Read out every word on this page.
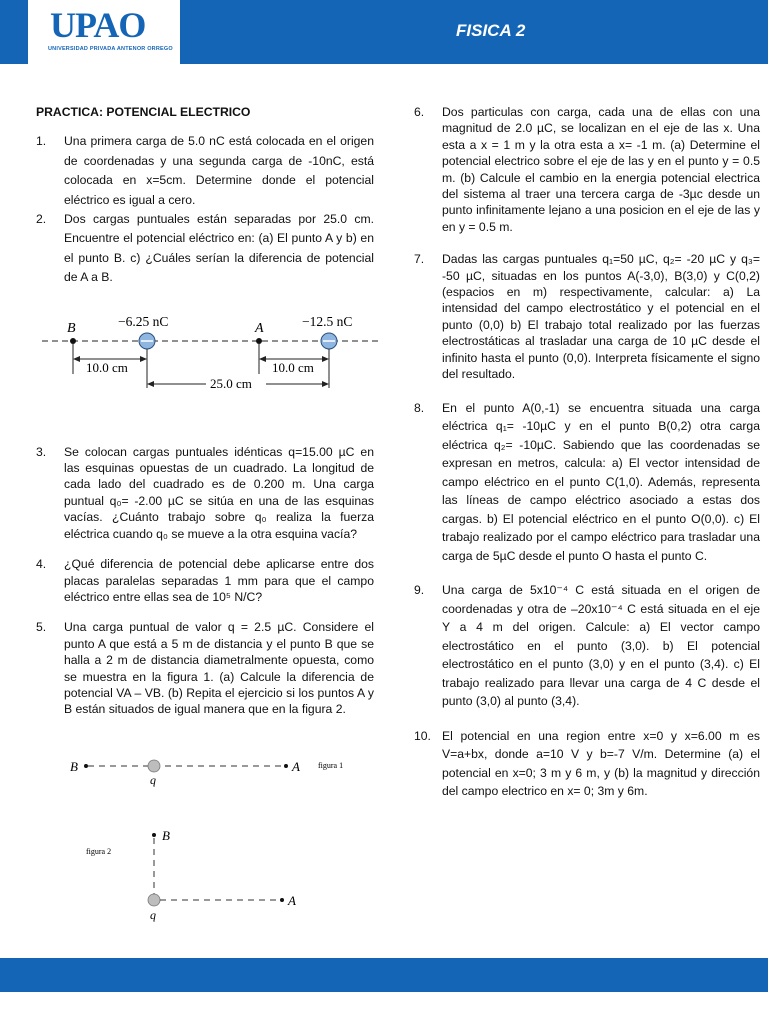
UPAO
UNIVERSIDAD PRIVADA ANTENOR ORREGO
FISICA 2
PRACTICA: POTENCIAL ELECTRICO
1. Una primera carga de 5.0 nC está colocada en el origen de coordenadas y una segunda carga de -10nC, está colocada en x=5cm. Determine donde el potencial eléctrico es igual a cero.
2. Dos cargas puntuales están separadas por 25.0 cm. Encuentre el potencial eléctrico en: (a) El punto A y b) en el punto B. c) ¿Cuáles serían la diferencia de potencial de A a B.
3. Se colocan cargas puntuales idénticas q=15.00 µC en las esquinas opuestas de un cuadrado. La longitud de cada lado del cuadrado es de 0.200 m. Una carga puntual q₀= -2.00 µC se sitúa en una de las esquinas vacías. ¿Cuánto trabajo sobre q₀ realiza la fuerza eléctrica cuando q₀ se mueve a la otra esquina vacía?
4. ¿Qué diferencia de potencial debe aplicarse entre dos placas paralelas separadas 1 mm para que el campo eléctrico entre ellas sea de 10⁵ N/C?
5. Una carga puntual de valor q = 2.5 µC. Considere el punto A que está a 5 m de distancia y el punto B que se halla a 2 m de distancia diametralmente opuesta, como se muestra en la figura 1. (a) Calcule la diferencia de potencial VA – VB. (b) Repita el ejercicio si los puntos A y B están situados de igual manera que en la figura 2.
6. Dos particulas con carga, cada una de ellas con una magnitud de 2.0 µC, se localizan en el eje de las x. Una esta a x = 1 m y la otra esta a x= -1 m. (a) Determine el potencial electrico sobre el eje de las y en el punto y = 0.5 m. (b) Calcule el cambio en la energia potencial electrica del sistema al traer una tercera carga de -3µc desde un punto infinitamente lejano a una posicion en el eje de las y en y = 0.5 m.
7. Dadas las cargas puntuales q₁=50 µC, q₂= -20 µC y q₃= -50 µC, situadas en los puntos A(-3,0), B(3,0) y C(0,2) (espacios en m) respectivamente, calcular: a) La intensidad del campo electrostático y el potencial en el punto (0,0) b) El trabajo total realizado por las fuerzas electrostáticas al trasladar una carga de 10 µC desde el infinito hasta el punto (0,0). Interpreta físicamente el signo del resultado.
8. En el punto A(0,-1) se encuentra situada una carga eléctrica q₁= -10µC y en el punto B(0,2) otra carga eléctrica q₂= -10µC. Sabiendo que las coordenadas se expresan en metros, calcula: a) El vector intensidad de campo eléctrico en el punto C(1,0). Además, representa las líneas de campo eléctrico asociado a estas dos cargas. b) El potencial eléctrico en el punto O(0,0). c) El trabajo realizado por el campo eléctrico para trasladar una carga de 5µC desde el punto O hasta el punto C.
9. Una carga de 5x10⁻⁴ C está situada en el origen de coordenadas y otra de –20x10⁻⁴ C está situada en el eje Y a 4 m del origen. Calcule: a) El vector campo electrostático en el punto (3,0). b) El potencial electrostático en el punto (3,0) y en el punto (3,4). c) El trabajo realizado para llevar una carga de 4 C desde el punto (3,0) al punto (3,4).
10. El potencial en una region entre x=0 y x=6.00 m es V=a+bx, donde a=10 V y b=-7 V/m. Determine (a) el potencial en x=0; 3 m y 6 m, y (b) la magnitud y dirección del campo electrico en x= 0; 3m y 6m.
B	−6.25 nC	A	−12.5 nC
10.0 cm	10.0 cm
25.0 cm
B
q
A figura 1
figura 2
B
A
q
